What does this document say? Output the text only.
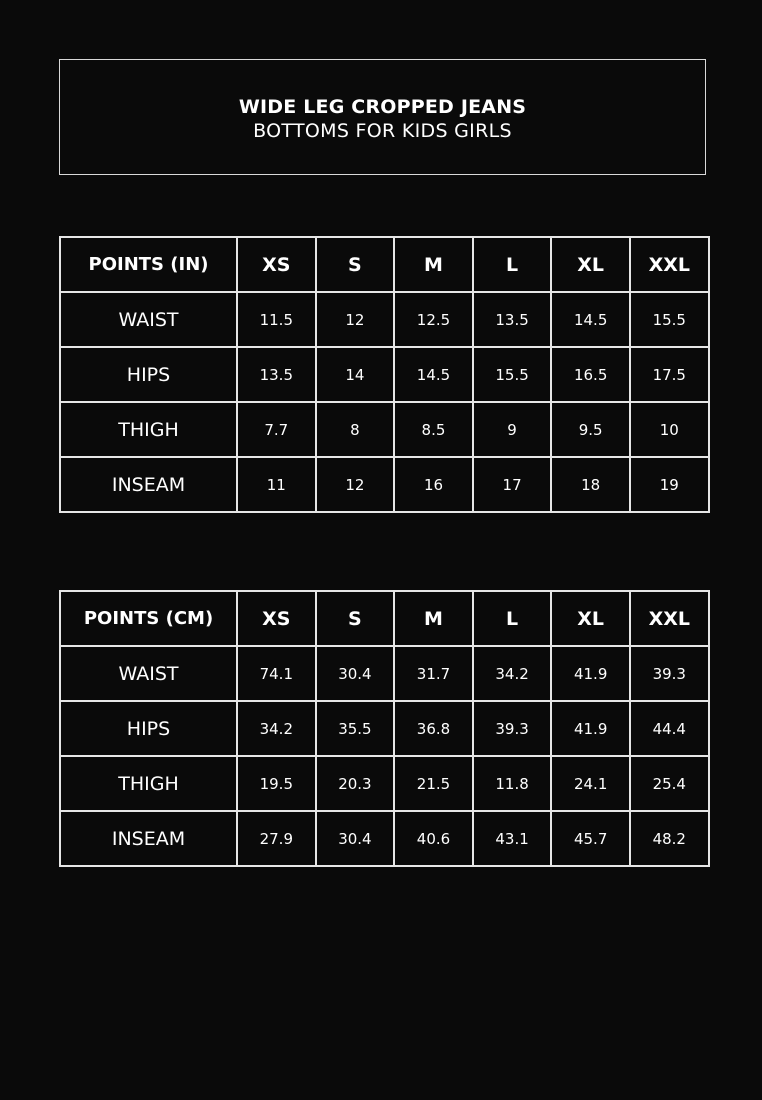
WIDE LEG CROPPED JEANS
BOTTOMS FOR KIDS GIRLS
POINTS (IN)	XS	S	M	L	XL	XXL
WAIST	11.5	12	12.5	13.5	14.5	15.5
HIPS	13.5	14	14.5	15.5	16.5	17.5
THIGH	7.7	8	8.5	9	9.5	10
INSEAM	11	12	16	17	18	19
POINTS (CM)	XS	S	M	L	XL	XXL
WAIST	74.1	30.4	31.7	34.2	41.9	39.3
HIPS	34.2	35.5	36.8	39.3	41.9	44.4
THIGH	19.5	20.3	21.5	11.8	24.1	25.4
INSEAM	27.9	30.4	40.6	43.1	45.7	48.2
